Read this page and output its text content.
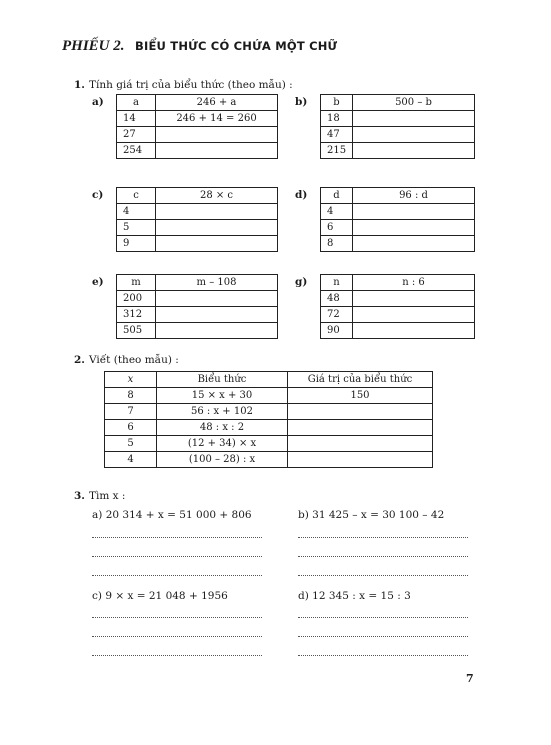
PHIẾU 2. BIỂU THỨC CÓ CHỨA MỘT CHỮ
1. Tính giá trị của biểu thức (theo mẫu) :
a)	a	246 + a
14	246 + 14 = 260
27	
254	
b)	b	500 – b
18	
47	
215	
c)	c	28 × c
4	
5	
9	
d)	d	96 : d
4	
6	
8	
e)	m	m – 108
200	
312	
505	
g)	n	n : 6
48	
72	
90	
2. Viết (theo mẫu) :
x	Biểu thức	Giá trị của biểu thức
8	15 × x + 30	150
7	56 : x + 102	
6	48 : x : 2	
5	(12 + 34) × x	
4	(100 – 28) : x	
3. Tìm x :
a) 20 314 + x = 51 000 + 806	b) 31 425 – x = 30 100 – 42
c) 9 × x = 21 048 + 1956	d) 12 345 : x = 15 : 3
7
